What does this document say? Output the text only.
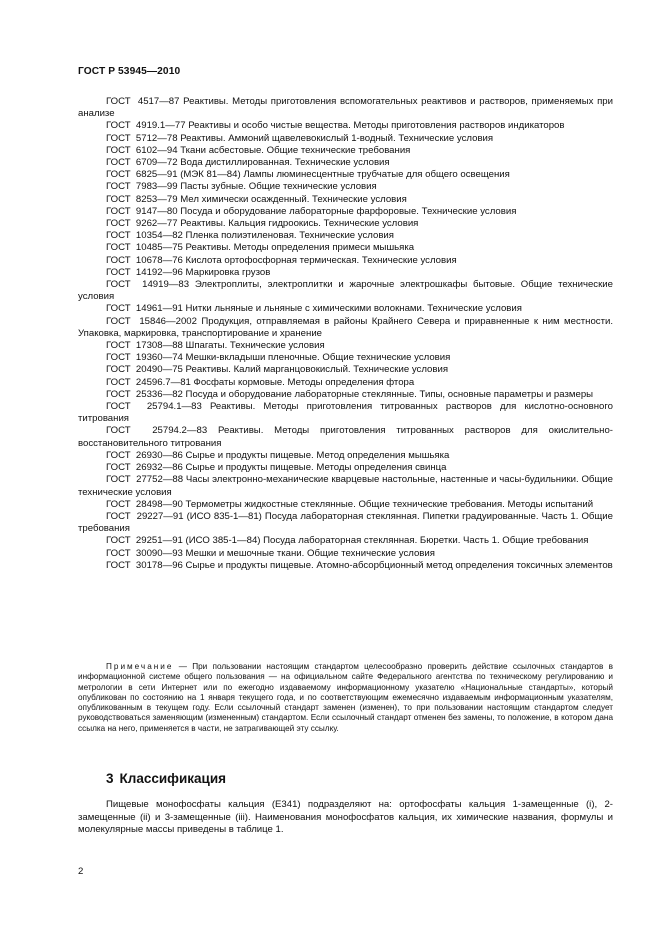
ГОСТ Р 53945—2010

ГОСТ  4517—87 Реактивы. Методы приготовления вспомогательных реактивов и растворов, применяемых при анализе

ГОСТ  4919.1—77 Реактивы и особо чистые вещества. Методы приготовления растворов индикаторов

ГОСТ  5712—78 Реактивы. Аммоний щавелевокислый 1-водный. Технические условия

ГОСТ  6102—94 Ткани асбестовые. Общие технические требования

ГОСТ  6709—72 Вода дистиллированная. Технические условия

ГОСТ  6825—91 (МЭК 81—84) Лампы люминесцентные трубчатые для общего освещения

ГОСТ  7983—99 Пасты зубные. Общие технические условия

ГОСТ  8253—79 Мел химически осажденный. Технические условия

ГОСТ  9147—80 Посуда и оборудование лабораторные фарфоровые. Технические условия

ГОСТ  9262—77 Реактивы. Кальция гидроокись. Технические условия

ГОСТ  10354—82 Пленка полиэтиленовая. Технические условия

ГОСТ  10485—75 Реактивы. Методы определения примеси мышьяка

ГОСТ  10678—76 Кислота ортофосфорная термическая. Технические условия

ГОСТ  14192—96 Маркировка грузов

ГОСТ  14919—83 Электроплиты, электроплитки и жарочные электрошкафы бытовые. Общие технические условия

ГОСТ  14961—91 Нитки льняные и льняные с химическими волокнами. Технические условия

ГОСТ  15846—2002 Продукция, отправляемая в районы Крайнего Севера и приравненные к ним местности. Упаковка, маркировка, транспортирование и хранение

ГОСТ  17308—88 Шпагаты. Технические условия

ГОСТ  19360—74 Мешки-вкладыши пленочные. Общие технические условия

ГОСТ  20490—75 Реактивы. Калий марганцовокислый. Технические условия

ГОСТ  24596.7—81 Фосфаты кормовые. Методы определения фтора

ГОСТ  25336—82 Посуда и оборудование лабораторные стеклянные. Типы, основные параметры и размеры

ГОСТ  25794.1—83 Реактивы. Методы приготовления титрованных растворов для кислотно-основного титрования

ГОСТ  25794.2—83 Реактивы. Методы приготовления титрованных растворов для окислительно-восстановительного титрования

ГОСТ  26930—86 Сырье и продукты пищевые. Метод определения мышьяка

ГОСТ  26932—86 Сырье и продукты пищевые. Методы определения свинца

ГОСТ  27752—88 Часы электронно-механические кварцевые настольные, настенные и часы-будильники. Общие технические условия

ГОСТ  28498—90 Термометры жидкостные стеклянные. Общие технические требования. Методы испытаний

ГОСТ  29227—91 (ИСО 835-1—81) Посуда лабораторная стеклянная. Пипетки градуированные. Часть 1. Общие требования

ГОСТ  29251—91 (ИСО 385-1—84) Посуда лабораторная стеклянная. Бюретки. Часть 1. Общие требования

ГОСТ  30090—93 Мешки и мешочные ткани. Общие технические условия

ГОСТ  30178—96 Сырье и продукты пищевые. Атомно-абсорбционный метод определения токсичных элементов

Примечание — При пользовании настоящим стандартом целесообразно проверить действие ссылочных стандартов в информационной системе общего пользования — на официальном сайте Федерального агентства по техническому регулированию и метрологии в сети Интернет или по ежегодно издаваемому информационному указателю «Национальные стандарты», который опубликован по состоянию на 1 января текущего года, и по соответствующим ежемесячно издаваемым информационным указателям, опубликованным в текущем году. Если ссылочный стандарт заменен (изменен), то при пользовании настоящим стандартом следует руководствоваться заменяющим (измененным) стандартом. Если ссылочный стандарт отменен без замены, то положение, в котором дана ссылка на него, применяется в части, не затрагивающей эту ссылку.

3 Классификация

Пищевые монофосфаты кальция (Е341) подразделяют на: ортофосфаты кальция 1-замещенные (i), 2-замещенные (ii) и 3-замещенные (iii). Наименования монофосфатов кальция, их химические названия, формулы и молекулярные массы приведены в таблице 1.

2
